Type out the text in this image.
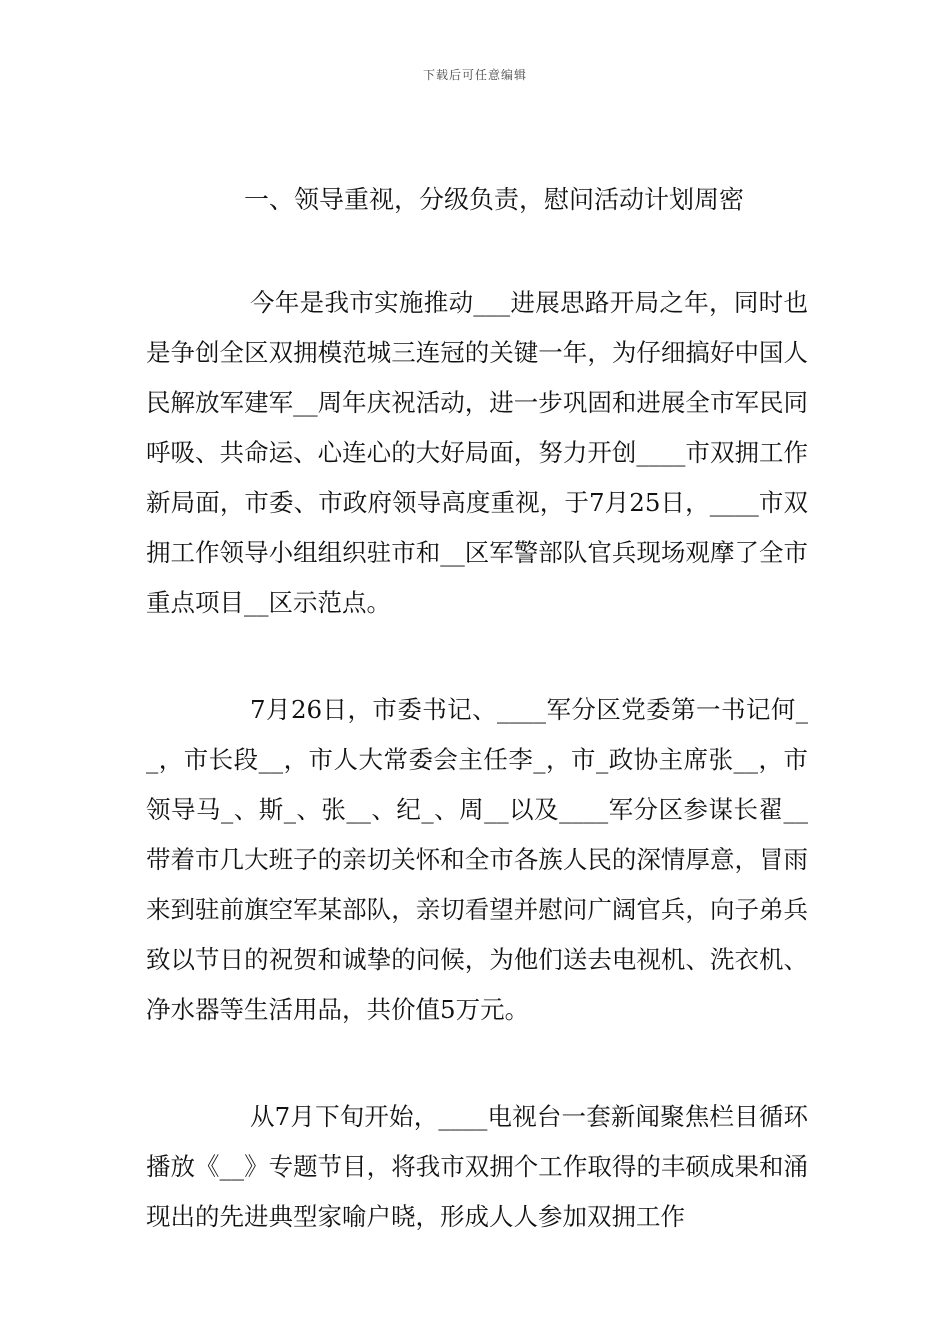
下载后可任意编辑
一、领导重视，分级负责，慰问活动计划周密

今年是我市实施推动___进展思路开局之年，同时也是争创全区双拥模范城三连冠的关键一年，为仔细搞好中国人民解放军建军__周年庆祝活动，进一步巩固和进展全市军民同呼吸、共命运、心连心的大好局面，努力开创____市双拥工作新局面，市委、市政府领导高度重视，于7月25日，____市双拥工作领导小组组织驻市和__区军警部队官兵现场观摩了全市重点项目__区示范点。

7月26日，市委书记、____军分区党委第一书记何__，市长段__，市人大常委会主任李_，市_政协主席张__，市领导马_、斯_、张__、纪_、周__以及____军分区参谋长翟__带着市几大班子的亲切关怀和全市各族人民的深情厚意，冒雨来到驻前旗空军某部队，亲切看望并慰问广阔官兵，向子弟兵致以节日的祝贺和诚挚的问候，为他们送去电视机、洗衣机、净水器等生活用品，共价值5万元。

从7月下旬开始，____电视台一套新闻聚焦栏目循环播放《__》专题节目，将我市双拥个工作取得的丰硕成果和涌现出的先进典型家喻户晓，形成人人参加双拥工作
